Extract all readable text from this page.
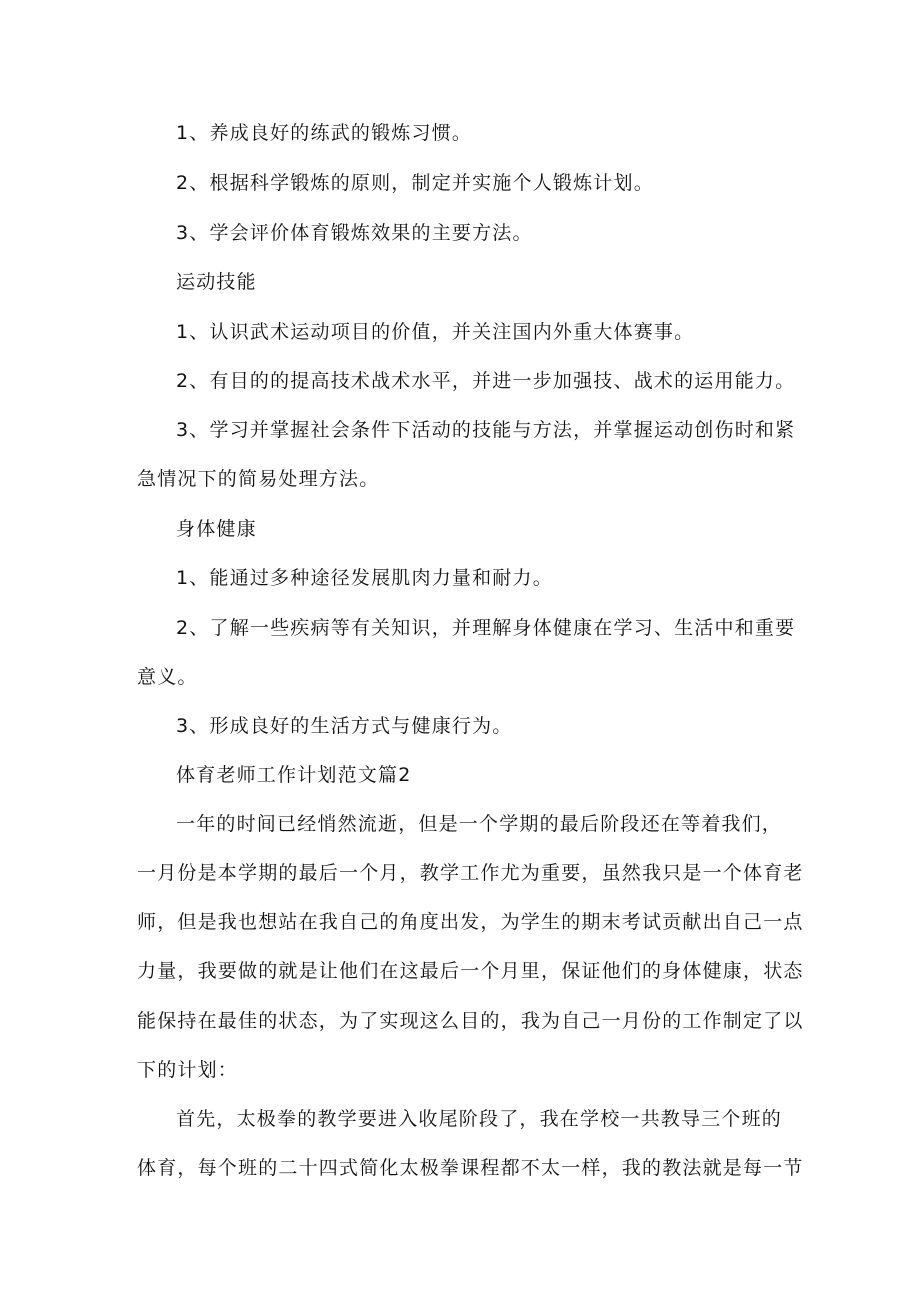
1、养成良好的练武的锻炼习惯。
2、根据科学锻炼的原则，制定并实施个人锻炼计划。
3、学会评价体育锻炼效果的主要方法。
运动技能
1、认识武术运动项目的价值，并关注国内外重大体赛事。
2、有目的的提高技术战术水平，并进一步加强技、战术的运用能力。
3、学习并掌握社会条件下活动的技能与方法，并掌握运动创伤时和紧
急情况下的简易处理方法。
身体健康
1、能通过多种途径发展肌肉力量和耐力。
2、了解一些疾病等有关知识，并理解身体健康在学习、生活中和重要
意义。
3、形成良好的生活方式与健康行为。
体育老师工作计划范文篇2
一年的时间已经悄然流逝，但是一个学期的最后阶段还在等着我们，
一月份是本学期的最后一个月，教学工作尤为重要，虽然我只是一个体育老
师，但是我也想站在我自己的角度出发，为学生的期末考试贡献出自己一点
力量，我要做的就是让他们在这最后一个月里，保证他们的身体健康，状态
能保持在最佳的状态，为了实现这么目的，我为自己一月份的工作制定了以
下的计划：
首先，太极拳的教学要进入收尾阶段了，我在学校一共教导三个班的
体育，每个班的二十四式简化太极拳课程都不太一样，我的教法就是每一节
